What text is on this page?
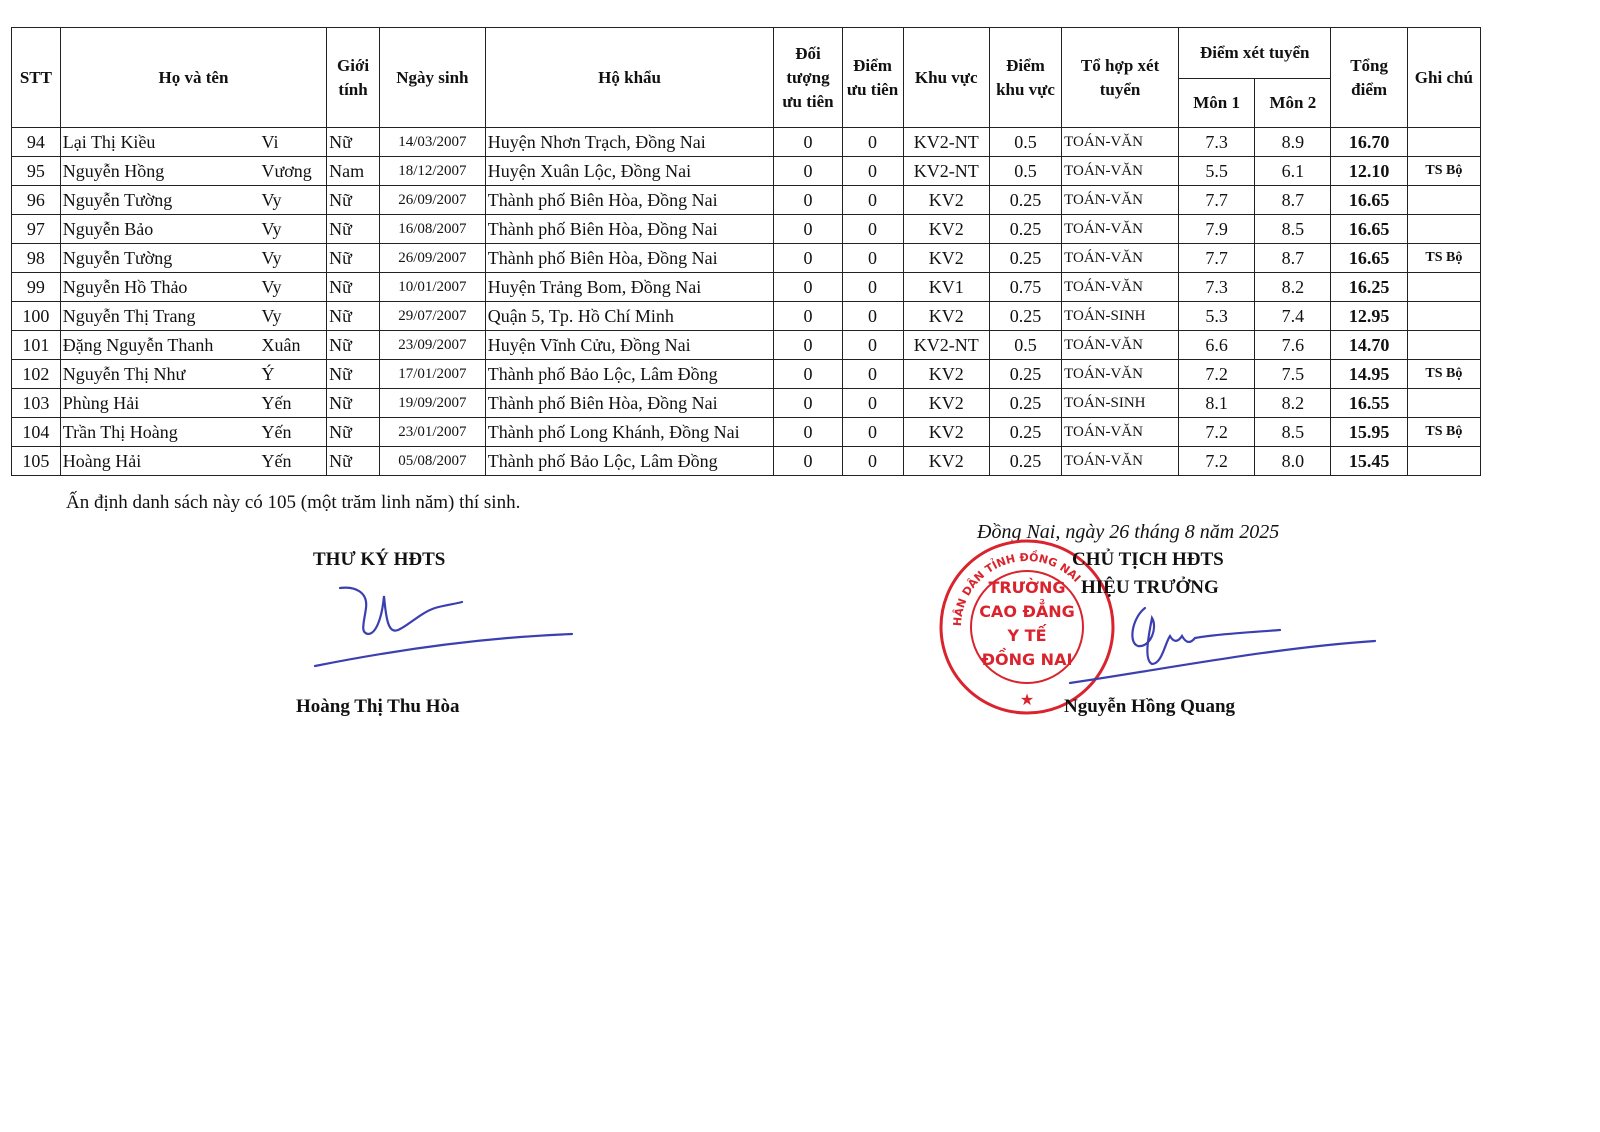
STT	Họ và tên		Giới tính	Ngày sinh	Hộ khẩu	Đối tượng ưu tiên	Điểm ưu tiên	Khu vực	Điểm khu vực	Tổ hợp xét tuyển	Điểm xét tuyển		Tổng điểm	Ghi chú
											Môn 1	Môn 2		
94	Lại Thị Kiều	Vi	Nữ	14/03/2007	Huyện Nhơn Trạch, Đồng Nai	0	0	KV2-NT	0.5	TOÁN-VĂN	7.3	8.9	16.70	
95	Nguyễn Hồng	Vương	Nam	18/12/2007	Huyện Xuân Lộc, Đồng Nai	0	0	KV2-NT	0.5	TOÁN-VĂN	5.5	6.1	12.10	TS Bộ
96	Nguyễn Tường	Vy	Nữ	26/09/2007	Thành phố Biên Hòa, Đồng Nai	0	0	KV2	0.25	TOÁN-VĂN	7.7	8.7	16.65	
97	Nguyễn Bảo	Vy	Nữ	16/08/2007	Thành phố Biên Hòa, Đồng Nai	0	0	KV2	0.25	TOÁN-VĂN	7.9	8.5	16.65	
98	Nguyễn Tường	Vy	Nữ	26/09/2007	Thành phố Biên Hòa, Đồng Nai	0	0	KV2	0.25	TOÁN-VĂN	7.7	8.7	16.65	TS Bộ
99	Nguyễn Hồ Thảo	Vy	Nữ	10/01/2007	Huyện Trảng Bom, Đồng Nai	0	0	KV1	0.75	TOÁN-VĂN	7.3	8.2	16.25	
100	Nguyễn Thị Trang	Vy	Nữ	29/07/2007	Quận 5, Tp. Hồ Chí Minh	0	0	KV2	0.25	TOÁN-SINH	5.3	7.4	12.95	
101	Đặng Nguyễn Thanh	Xuân	Nữ	23/09/2007	Huyện Vĩnh Cửu, Đồng Nai	0	0	KV2-NT	0.5	TOÁN-VĂN	6.6	7.6	14.70	
102	Nguyễn Thị Như	Ý	Nữ	17/01/2007	Thành phố Bảo Lộc, Lâm Đồng	0	0	KV2	0.25	TOÁN-VĂN	7.2	7.5	14.95	TS Bộ
103	Phùng Hải	Yến	Nữ	19/09/2007	Thành phố Biên Hòa, Đồng Nai	0	0	KV2	0.25	TOÁN-SINH	8.1	8.2	16.55	
104	Trần Thị Hoàng	Yến	Nữ	23/01/2007	Thành phố Long Khánh, Đồng Nai	0	0	KV2	0.25	TOÁN-VĂN	7.2	8.5	15.95	TS Bộ
105	Hoàng Hải	Yến	Nữ	05/08/2007	Thành phố Bảo Lộc, Lâm Đồng	0	0	KV2	0.25	TOÁN-VĂN	7.2	8.0	15.45	
Ấn định danh sách này có 105 (một trăm linh năm) thí sinh.
Đồng Nai, ngày 26 tháng 8 năm 2025
THƯ KÝ HĐTS
Hoàng Thị Thu Hòa
UỶ BAN NHÂN DÂN TỈNH ĐỒNG NAI
TRƯỜNG
CAO ĐẲNG
Y TẾ
ĐỒNG NAI
★
CHỦ TỊCH HĐTS
HIỆU TRƯỞNG
Nguyễn Hồng Quang
